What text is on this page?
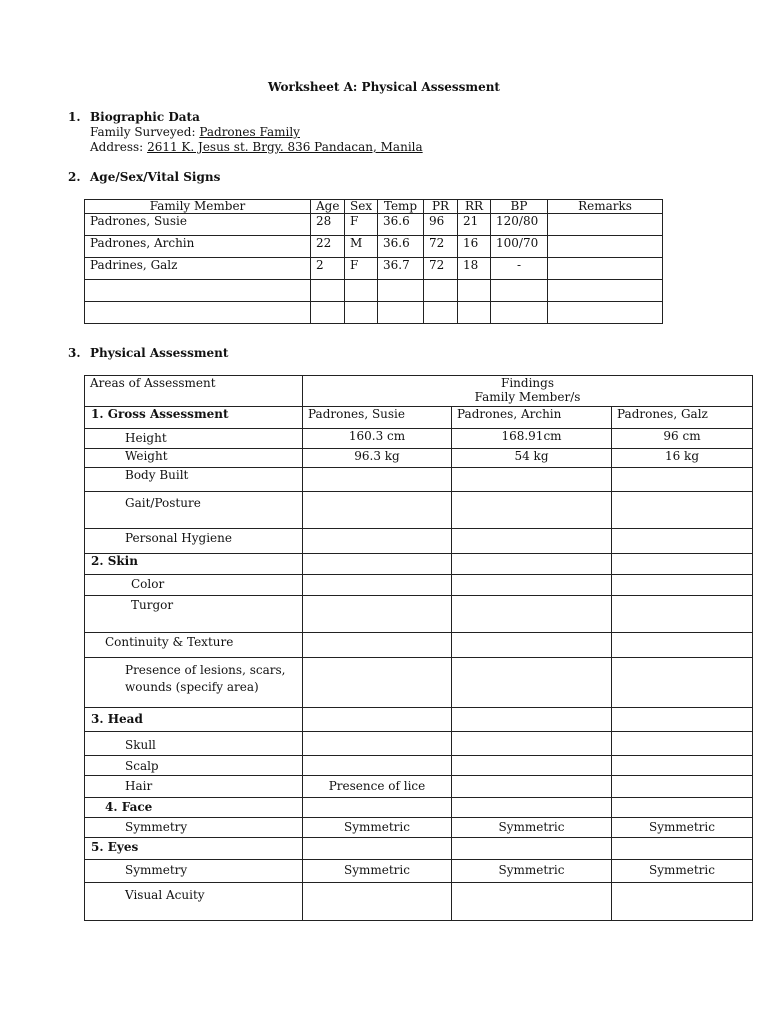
Worksheet A: Physical Assessment
1. Biographic Data
Family Surveyed: Padrones Family
Address: 2611 K. Jesus st. Brgy. 836 Pandacan, Manila
2. Age/Sex/Vital Signs
Family Member	Age	Sex	Temp	PR	RR	BP	Remarks
Padrones, Susie	28	F	36.6	96	21	120/80	
Padrones, Archin	22	M	36.6	72	16	100/70	
Padrines, Galz	2	F	36.7	72	18	-	

3. Physical Assessment
Areas of Assessment	Findings
Family Member/s		

1. Gross Assessment	Padrones, Susie	Padrones, Archin	Padrones, Galz
Height	160.3 cm	168.91cm	96 cm
Weight	96.3 kg	54 kg	16 kg
Body Built			
Gait/Posture			
Personal Hygiene			
2. Skin			
Color			
Turgor			
Continuity & Texture			

Presence of lesions, scars,
wounds (specify area)			

3. Head			
Skull			
Scalp			
Hair	Presence of lice		
4. Face			
Symmetry	Symmetric	Symmetric	Symmetric
5. Eyes			
Symmetry	Symmetric	Symmetric	Symmetric
Visual Acuity			
